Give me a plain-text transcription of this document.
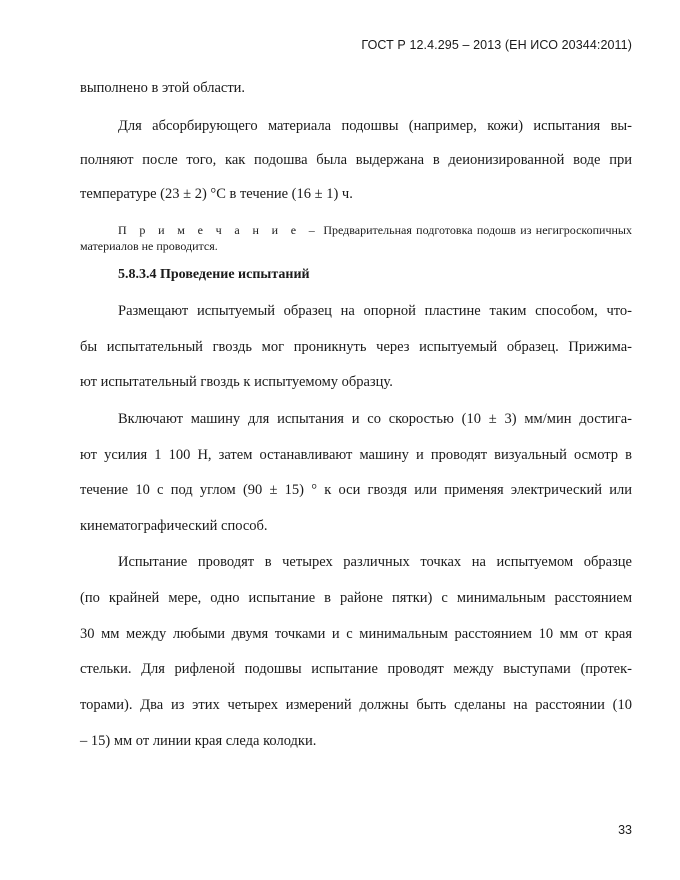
ГОСТ Р 12.4.295 – 2013 (ЕН ИСО 20344:2011)
выполнено в этой области.
Для абсорбирующего материала подошвы (например, кожи) испытания вы-
полняют после того, как подошва была выдержана в деионизированной воде при
температуре (23 ± 2) °С в течение (16 ± 1) ч.
П р и м е ч а н и е – Предварительная подготовка подошв из негигроскопичных
материалов не проводится.
5.8.3.4 Проведение испытаний
Размещают испытуемый образец на опорной пластине таким способом, что-
бы испытательный гвоздь мог проникнуть через испытуемый образец. Прижима-
ют испытательный гвоздь к испытуемому образцу.
Включают машину для испытания и со скоростью (10 ± 3) мм/мин достига-
ют усилия 1 100 Н, затем останавливают машину и проводят визуальный осмотр в
течение 10 с под углом (90 ± 15) ° к оси гвоздя или применяя электрический или
кинематографический способ.
Испытание проводят в четырех различных точках на испытуемом образце
(по крайней мере, одно испытание в районе пятки) с минимальным расстоянием
30 мм между любыми двумя точками и с минимальным расстоянием 10 мм от края
стельки. Для рифленой подошвы испытание проводят между выступами (протек-
торами). Два из этих четырех измерений должны быть сделаны на расстоянии (10
– 15) мм от линии края следа колодки.
33
